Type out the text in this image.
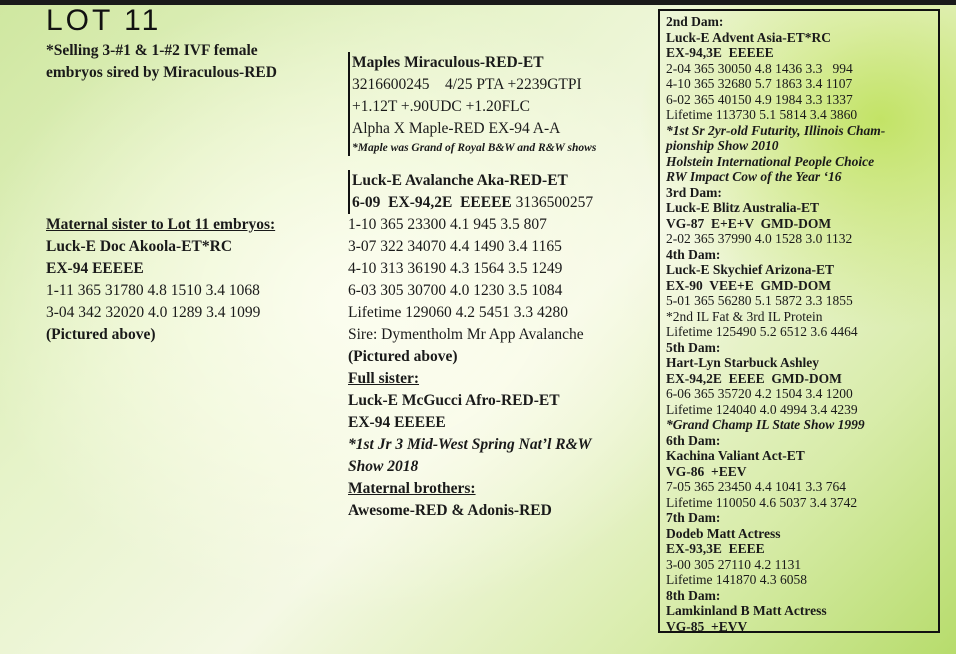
LOT 11
*Selling 3-#1 & 1-#2 IVF female
embryos sired by Miraculous-RED
Maternal sister to Lot 11 embryos:
Luck-E Doc Akoola-ET*RC
EX-94 EEEEE
1-11 365 31780 4.8 1510 3.4 1068
3-04 342 32020 4.0 1289 3.4 1099
(Pictured above)
Maples Miraculous-RED-ET
3216600245    4/25 PTA +2239GTPI
+1.12T +.90UDC +1.20FLC
Alpha X Maple-RED EX-94 A-A
*Maple was Grand of Royal B&W and R&W shows
Luck-E Avalanche Aka-RED-ET
6-09  EX-94,2E  EEEEE 3136500257
1-10 365 23300 4.1 945 3.5 807
3-07 322 34070 4.4 1490 3.4 1165
4-10 313 36190 4.3 1564 3.5 1249
6-03 305 30700 4.0 1230 3.5 1084
Lifetime 129060 4.2 5451 3.3 4280
Sire: Dymentholm Mr App Avalanche
(Pictured above)
Full sister:
Luck-E McGucci Afro-RED-ET
EX-94 EEEEE
*1st Jr 3 Mid-West Spring Nat’l R&W
Show 2018
Maternal brothers:
Awesome-RED & Adonis-RED
2nd Dam:
Luck-E Advent Asia-ET*RC
EX-94,3E  EEEEE
2-04 365 30050 4.8 1436 3.3   994
4-10 365 32680 5.7 1863 3.4 1107
6-02 365 40150 4.9 1984 3.3 1337
Lifetime 113730 5.1 5814 3.4 3860
*1st Sr 2yr-old Futurity, Illinois Cham-
pionship Show 2010
Holstein International People Choice
RW Impact Cow of the Year ‘16
3rd Dam:
Luck-E Blitz Australia-ET
VG-87  E+E+V  GMD-DOM
2-02 365 37990 4.0 1528 3.0 1132
4th Dam:
Luck-E Skychief Arizona-ET
EX-90  VEE+E  GMD-DOM
5-01 365 56280 5.1 5872 3.3 1855
*2nd IL Fat & 3rd IL Protein
Lifetime 125490 5.2 6512 3.6 4464
5th Dam:
Hart-Lyn Starbuck Ashley
EX-94,2E  EEEE  GMD-DOM
6-06 365 35720 4.2 1504 3.4 1200
Lifetime 124040 4.0 4994 3.4 4239
*Grand Champ IL State Show 1999
6th Dam:
Kachina Valiant Act-ET
VG-86  +EEV
7-05 365 23450 4.4 1041 3.3 764
Lifetime 110050 4.6 5037 3.4 3742
7th Dam:
Dodeb Matt Actress
EX-93,3E  EEEE
3-00 305 27110 4.2 1131
Lifetime 141870 4.3 6058
8th Dam:
Lamkinland B Matt Actress
VG-85  +EVV
